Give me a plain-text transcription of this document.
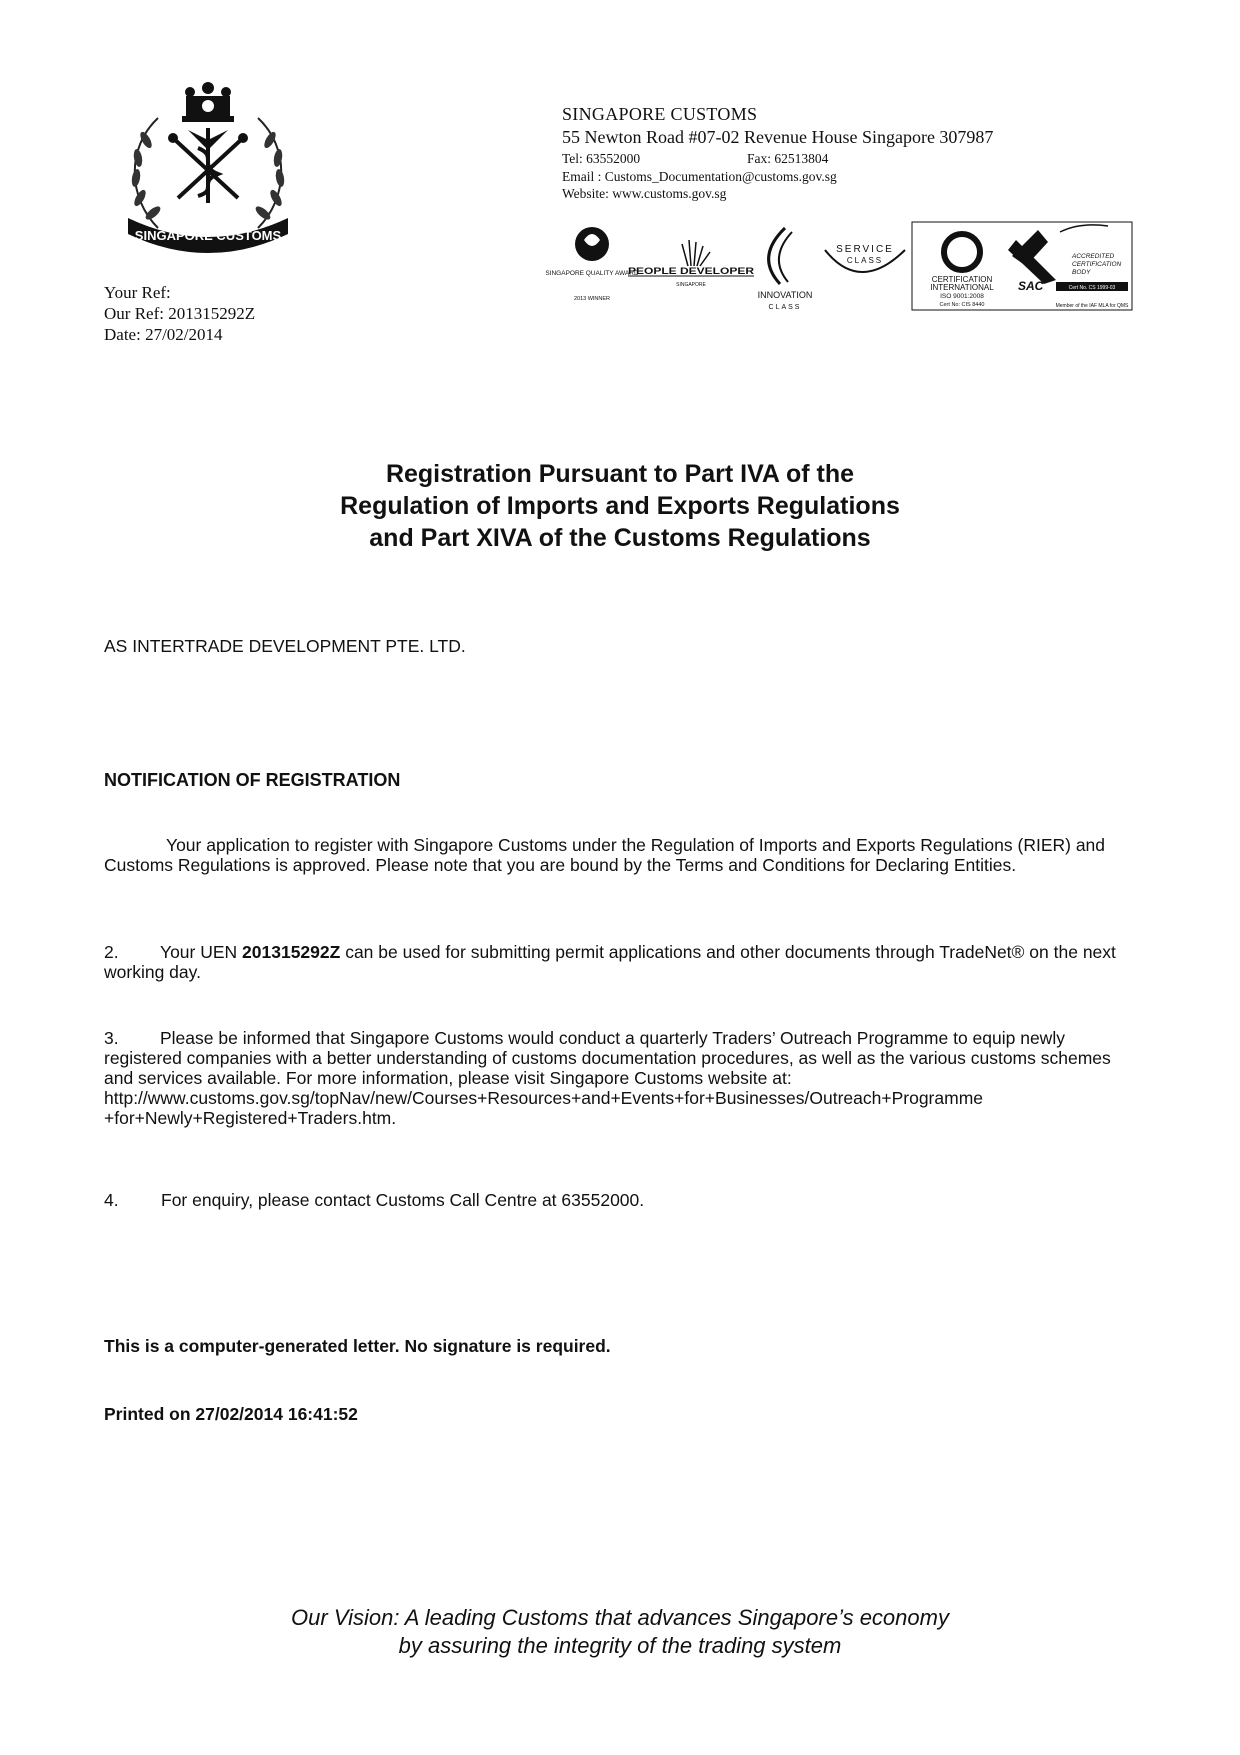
SINGAPORE CUSTOMS
Your Ref:
Our Ref: 201315292Z
Date: 27/02/2014
SINGAPORE CUSTOMS
55 Newton Road #07-02 Revenue House Singapore 307987
Tel: 63552000	Fax: 62513804
Email : Customs_Documentation@customs.gov.sg
Website: www.customs.gov.sg
SINGAPORE QUALITY AWARD
2013 WINNER
PEOPLE DEVELOPER
SINGAPORE
INNOVATION
CLASS
SERVICE
CLASS
CERTIFICATION
INTERNATIONAL
ISO 9001:2008
Cert No: CIS 8440
ACCREDITED
CERTIFICATION
BODY
SAC	Cert No. CS 1999-03
Member of the IAF MLA for QMS
Registration Pursuant to Part IVA of the
Regulation of Imports and Exports Regulations
and Part XIVA of the Customs Regulations
AS INTERTRADE DEVELOPMENT PTE. LTD.
NOTIFICATION OF REGISTRATION
Your application to register with Singapore Customs under the Regulation of Imports and Exports Regulations (RIER) and Customs Regulations is approved. Please note that you are bound by the Terms and Conditions for Declaring Entities.
2. Your UEN 201315292Z can be used for submitting permit applications and other documents through TradeNet® on the next working day.
3. Please be informed that Singapore Customs would conduct a quarterly Traders’ Outreach Programme to equip newly registered companies with a better understanding of customs documentation procedures, as well as the various customs schemes and services available. For more information, please visit Singapore Customs website at:
http://www.customs.gov.sg/topNav/new/Courses+Resources+and+Events+for+Businesses/Outreach+Programme
+for+Newly+Registered+Traders.htm.
4. For enquiry, please contact Customs Call Centre at 63552000.
This is a computer-generated letter. No signature is required.
Printed on 27/02/2014 16:41:52
Our Vision: A leading Customs that advances Singapore’s economy
by assuring the integrity of the trading system
